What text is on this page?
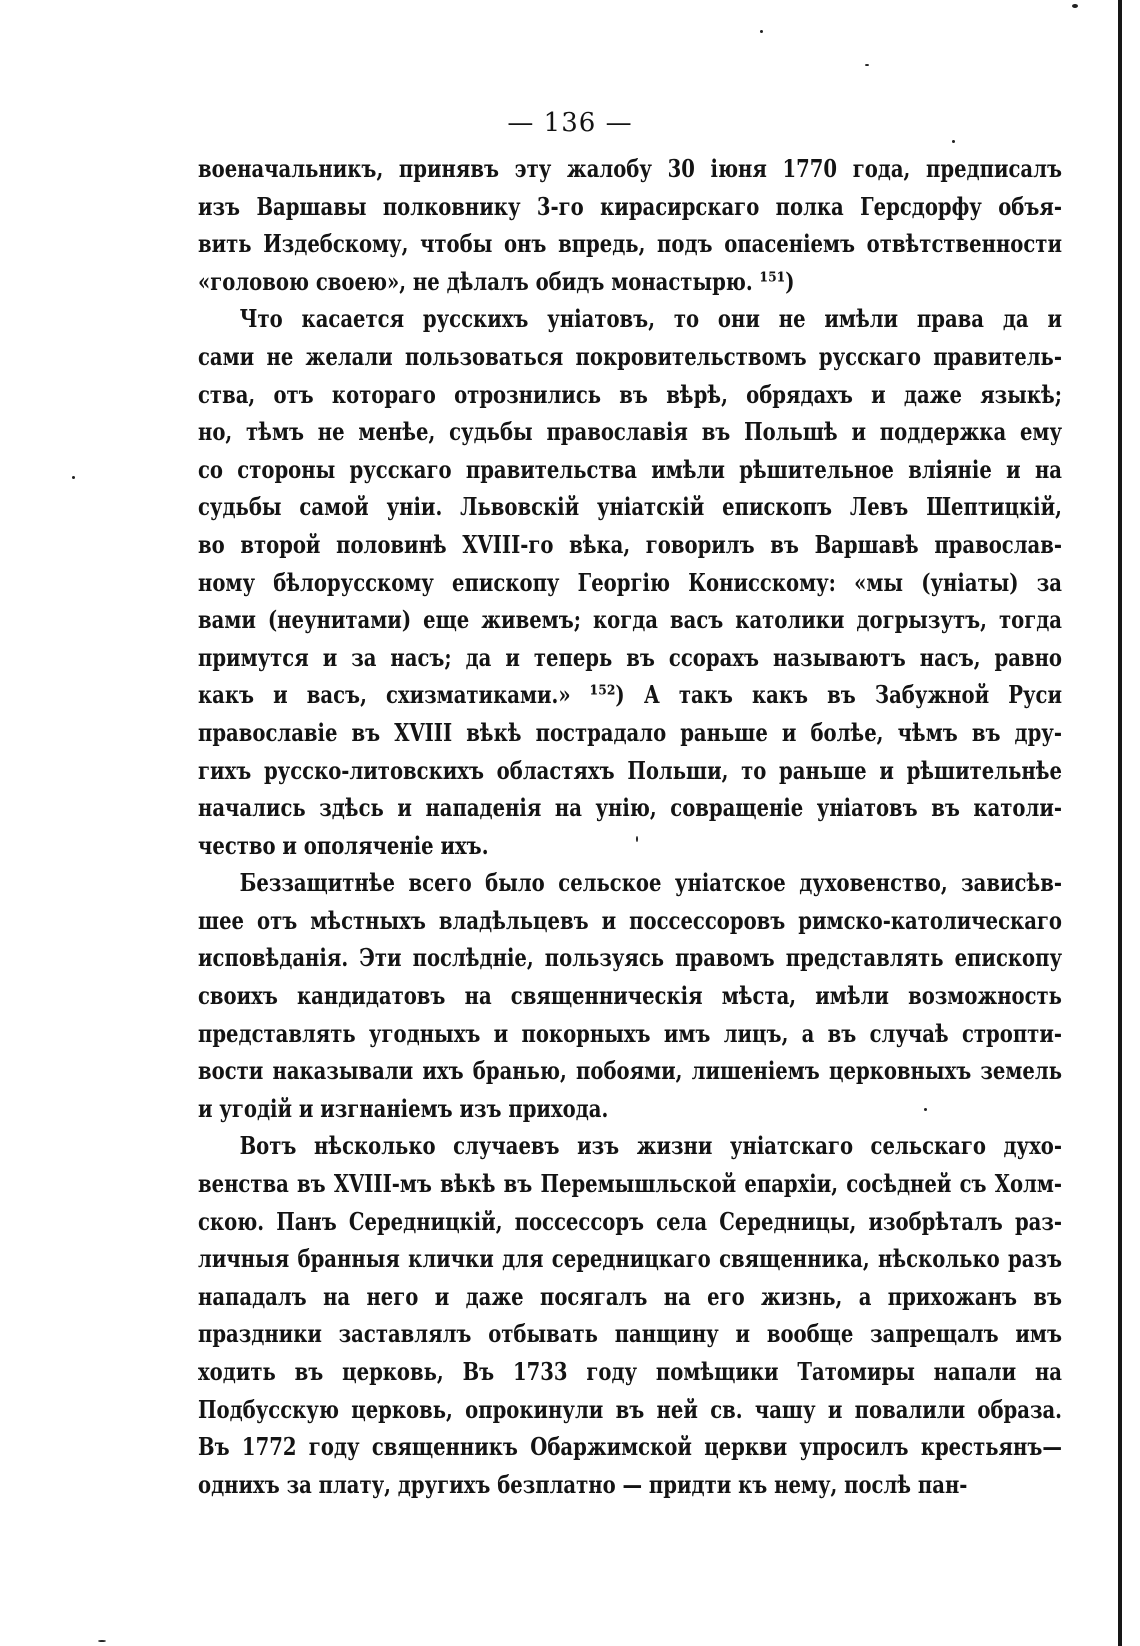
— 136 —

военачальникъ, принявъ эту жалобу 30 іюня 1770 года, предписалъ
изъ Варшавы полковнику 3-го кирасирскаго полка Герсдорфу объя-
вить Издебскому, чтобы онъ впредь, подъ опасеніемъ отвѣтственности
«головою своею», не дѣлалъ обидъ монастырю. ¹⁵¹)
Что касается русскихъ уніатовъ, то они не имѣли права да и
сами не желали пользоваться покровительствомъ русскаго правитель-
ства, отъ котораго отрознились въ вѣрѣ, обрядахъ и даже языкѣ;
но, тѣмъ не менѣе, судьбы православія въ Польшѣ и поддержка ему
со стороны русскаго правительства имѣли рѣшительное вліяніе и на
судьбы самой уніи. Львовскій уніатскій епископъ Левъ Шептицкій,
во второй половинѣ XVIII-го вѣка, говорилъ въ Варшавѣ православ-
ному бѣлорусскому епископу Георгію Конисскому: «мы (уніаты) за
вами (неунитами) еще живемъ; когда васъ католики догрызутъ, тогда
примутся и за насъ; да и теперь въ ссорахъ называютъ насъ, равно
какъ и васъ, схизматиками.» ¹⁵²) А такъ какъ въ Забужной Руси
православіе въ XVIII вѣкѣ пострадало раньше и болѣе, чѣмъ въ дру-
гихъ русско-литовскихъ областяхъ Польши, то раньше и рѣшительнѣе
начались здѣсь и нападенія на унію, совращеніе уніатовъ въ католи-
чество и ополяченіе ихъ.
Беззащитнѣе всего было сельское уніатское духовенство, зависѣв-
шее отъ мѣстныхъ владѣльцевъ и поссессоровъ римско-католическаго
исповѣданія. Эти послѣдніе, пользуясь правомъ представлять епископу
своихъ кандидатовъ на священническія мѣста, имѣли возможность
представлять угодныхъ и покорныхъ имъ лицъ, а въ случаѣ стропти-
вости наказывали ихъ бранью, побоями, лишеніемъ церковныхъ земель
и угодій и изгнаніемъ изъ прихода.
Вотъ нѣсколько случаевъ изъ жизни уніатскаго сельскаго духо-
венства въ XVIII-мъ вѣкѣ въ Перемышльской епархіи, сосѣдней съ Холм-
скою. Панъ Середницкій, поссессоръ села Середницы, изобрѣталъ раз-
личныя бранныя клички для середницкаго священника, нѣсколько разъ
нападалъ на него и даже посягалъ на его жизнь, а прихожанъ въ
праздники заставлялъ отбывать панщину и вообще запрещалъ имъ
ходить въ церковь, Въ 1733 году помѣщики Татомиры напали на
Подбусскую церковь, опрокинули въ ней св. чашу и повалили образа.
Въ 1772 году священникъ Обаржимской церкви упросилъ крестьянъ—
однихъ за плату, другихъ безплатно — придти къ нему, послѣ пан-
